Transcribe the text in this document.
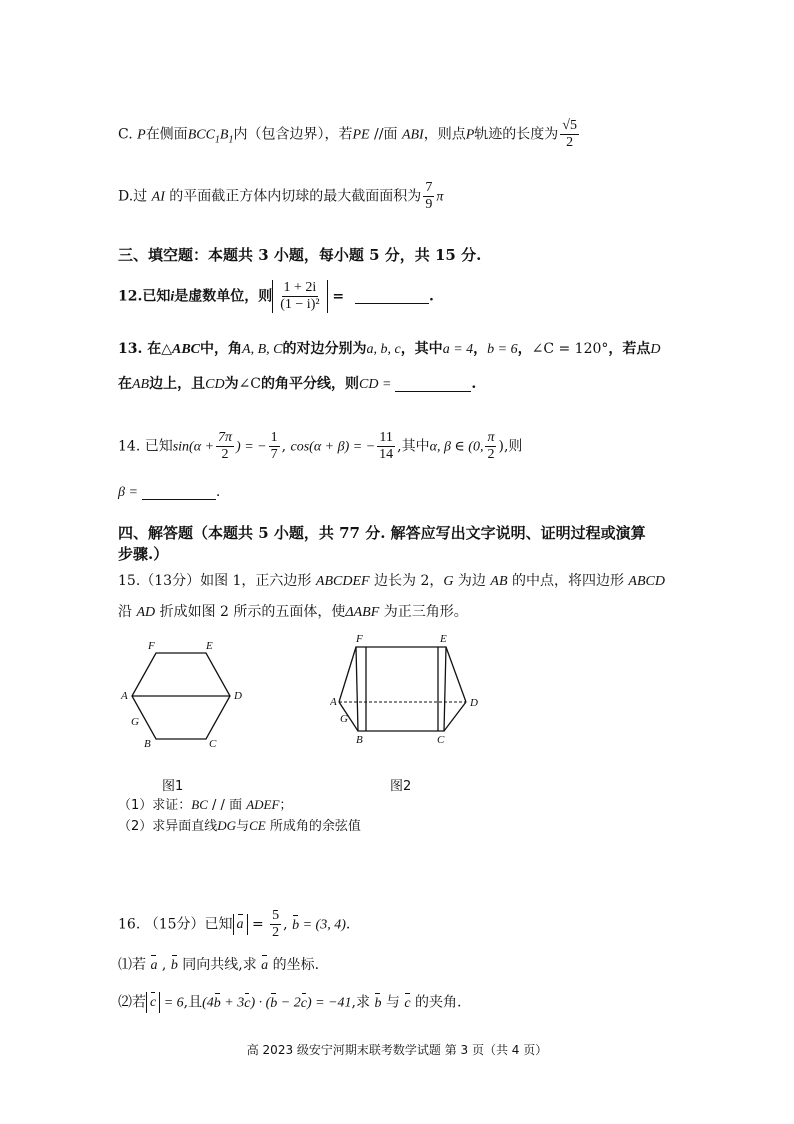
C. P在侧面$BCC_1B_1$内（包含边界），若PE //面 ABI，则点P轨迹的长度为 $\frac{√5}{2}$
D.过 AI 的平面截正方体内切球的最大截面面积为 $\frac{7}{9}$ π
三、填空题：本题共 3 小题，每小题 5 分，共 15 分.
12.已知i是虚数单位，则 $\frac{1 + 2i}{\text{(1 − i)²}}$ =	.
13. 在△ABC中，角A, B, C的对边分别为a, b, c，其中a = 4，b = 6，∠C = 120°，若点D
在AB边上，且CD为∠C的角平分线，则CD =	.
14. 已知$\sin(\alpha + \frac{7\pi}{2}$ ) = − $\frac{1}{7}$ , cos(α + β) = − $\frac{11}{14}$ ,其中α, β ∈ (0, $\frac{\pi}{2}$ ),则
β =	.
四、解答题（本题共 5 小题，共 77 分. 解答应写出文字说明、证明过程或演算
步骤.）
15.（13分）如图 1，正六边形 ABCDEF 边长为 2，G 为边 AB 的中点，将四边形 ABCD
沿 AD 折成如图 2 所示的五面体，使ΔABF 为正三角形。
F	E
A	D
G
B	C
图1
F	E
A	D
G
B	C
图2
（1）求证：BC / / 面 ADEF；
（2）求异面直线DG与CE 所成角的余弦值
16. （15分）已知 $a = \frac{5}{2}$ , b = (3, 4).
⑴若 a , b 同向共线,求 a 的坐标.
⑵若 c = 6,且(4b + 3c) · (b − 2c) = −41,求 b 与 c 的夹角.
高 2023 级安宁河期末联考数学试题 第 3 页（共 4 页）
